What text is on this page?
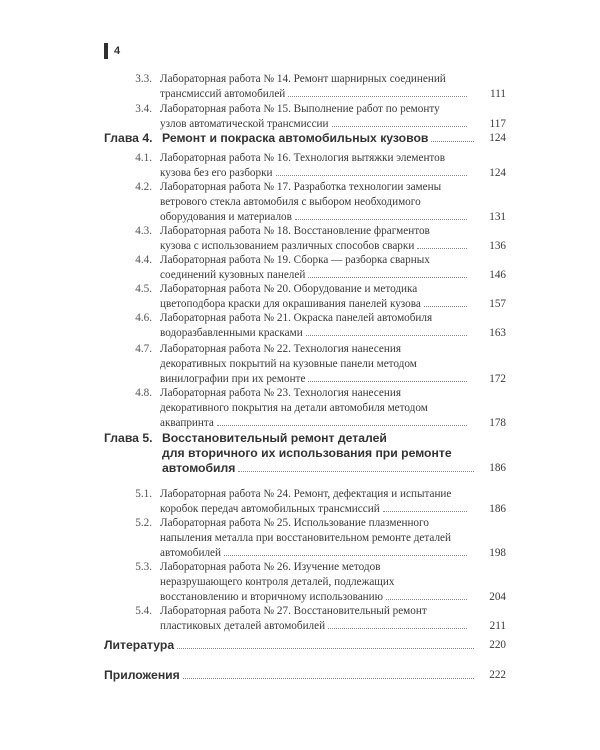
4
3.3. Лабораторная работа № 14. Ремонт шарнирных соединений
трансмиссий автомобилей	111
3.4. Лабораторная работа № 15. Выполнение работ по ремонту
узлов автоматической трансмиссии	117
Глава 4. Ремонт и покраска автомобильных кузовов	124
4.1. Лабораторная работа № 16. Технология вытяжки элементов
кузова без его разборки	124
4.2. Лабораторная работа № 17. Разработка технологии замены
ветрового стекла автомобиля с выбором необходимого
оборудования и материалов	131
4.3. Лабораторная работа № 18. Восстановление фрагментов
кузова с использованием различных способов сварки	136
4.4. Лабораторная работа № 19. Сборка — разборка сварных
соединений кузовных панелей	146
4.5. Лабораторная работа № 20. Оборудование и методика
цветоподбора краски для окрашивания панелей кузова	157
4.6. Лабораторная работа № 21. Окраска панелей автомобиля
водоразбавленными красками	163
4.7. Лабораторная работа № 22. Технология нанесения
декоративных покрытий на кузовные панели методом
винилографии при их ремонте	172
4.8. Лабораторная работа № 23. Технология нанесения
декоративного покрытия на детали автомобиля методом
аквапринта	178
Глава 5. Восстановительный ремонт деталей
для вторичного их использования при ремонте
автомобиля	186
5.1. Лабораторная работа № 24. Ремонт, дефектация и испытание
коробок передач автомобильных трансмиссий	186
5.2. Лабораторная работа № 25. Использование плазменного
напыления металла при восстановительном ремонте деталей
автомобилей	198
5.3. Лабораторная работа № 26. Изучение методов
неразрушающего контроля деталей, подлежащих
восстановлению и вторичному использованию	204
5.4. Лабораторная работа № 27. Восстановительный ремонт
пластиковых деталей автомобилей	211
Литература	220
Приложения	222
